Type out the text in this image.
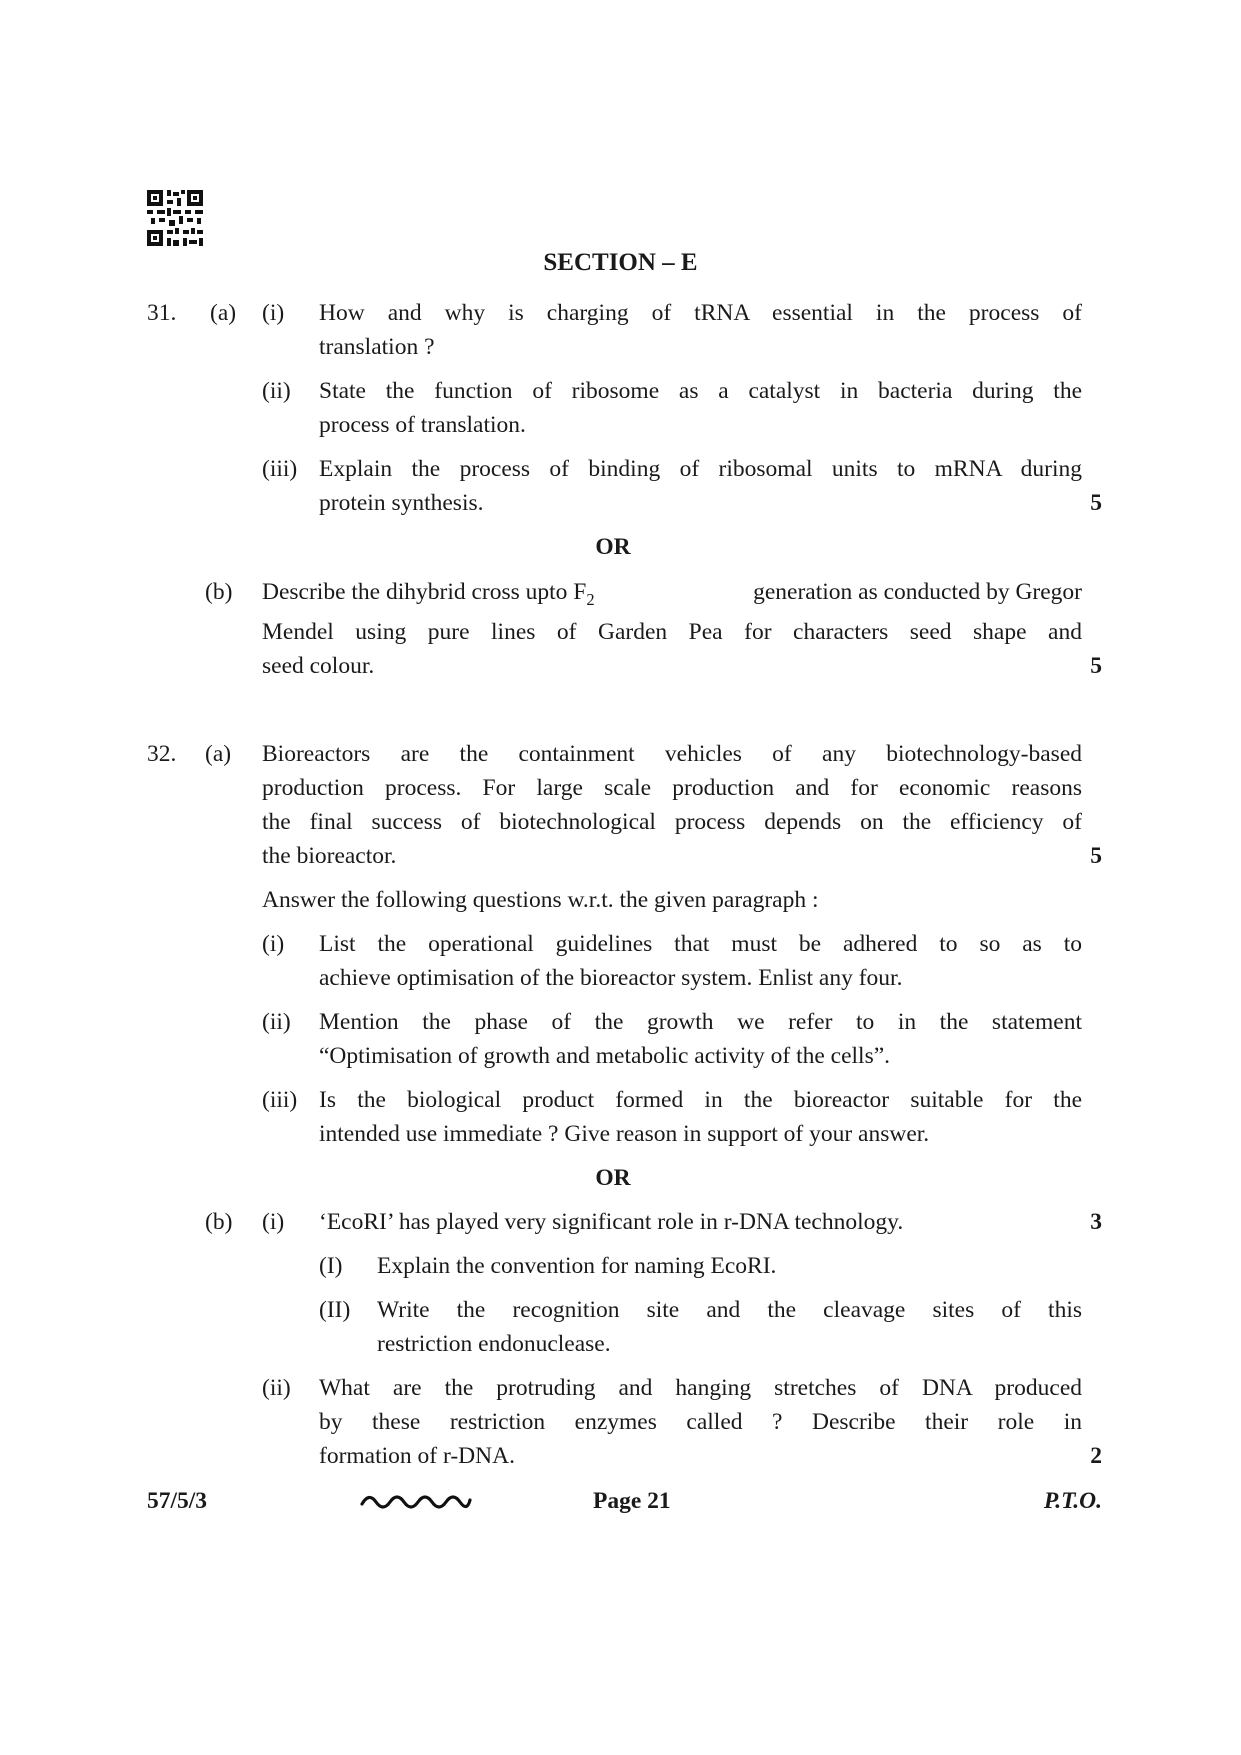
SECTION – E
31. (a) (i) How and why is charging of tRNA essential in the process of
translation ?
(ii) State the function of ribosome as a catalyst in bacteria during the
process of translation.
(iii) Explain the process of binding of ribosomal units to mRNA during
protein synthesis.	5
OR
(b) Describe the dihybrid cross upto $F_2$	generation as conducted by Gregor
Mendel using pure lines of Garden Pea for characters seed shape and
seed colour.	5
32. (a) Bioreactors are the containment vehicles of any biotechnology-based
production process. For large scale production and for economic reasons
the final success of biotechnological process depends on the efficiency of
the bioreactor.	5
Answer the following questions w.r.t. the given paragraph :
(i) List the operational guidelines that must be adhered to so as to
achieve optimisation of the bioreactor system. Enlist any four.
(ii) Mention the phase of the growth we refer to in the statement
“Optimisation of growth and metabolic activity of the cells”.
(iii) Is the biological product formed in the bioreactor suitable for the
intended use immediate ? Give reason in support of your answer.
OR
(b) (i) ‘EcoRI’ has played very significant role in r-DNA technology.	3
(I) Explain the convention for naming EcoRI.
(II) Write the recognition site and the cleavage sites of this
restriction endonuclease.
(ii) What are the protruding and hanging stretches of DNA produced
by these restriction enzymes called ? Describe their role in
formation of r-DNA.	2
57/5/3	Page 21	P.T.O.
